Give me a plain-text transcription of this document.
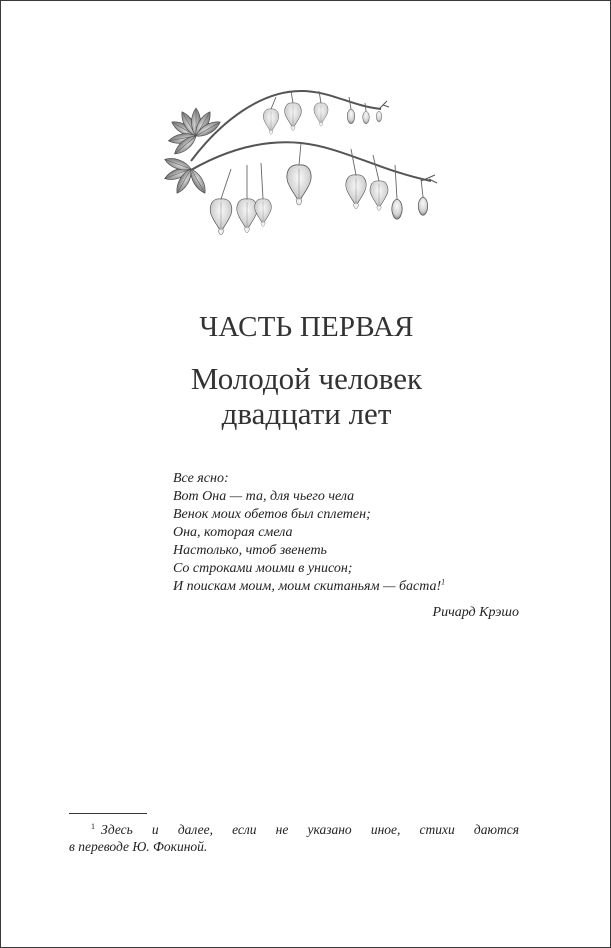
ЧАСТЬ ПЕРВАЯ
Молодой человек
двадцати лет
Все ясно:
Вот Она — та, для чьего чела
Венок моих обетов был сплетен;
Она, которая смела
Настолько, чтоб звенеть
Со строками моими в унисон;
И поискам моим, моим скитаньям — баста!$^1$
Ричард Крэшо
$^1$ Здесь и далее, если не указано иное, стихи даются
в переводе Ю. Фокиной.
